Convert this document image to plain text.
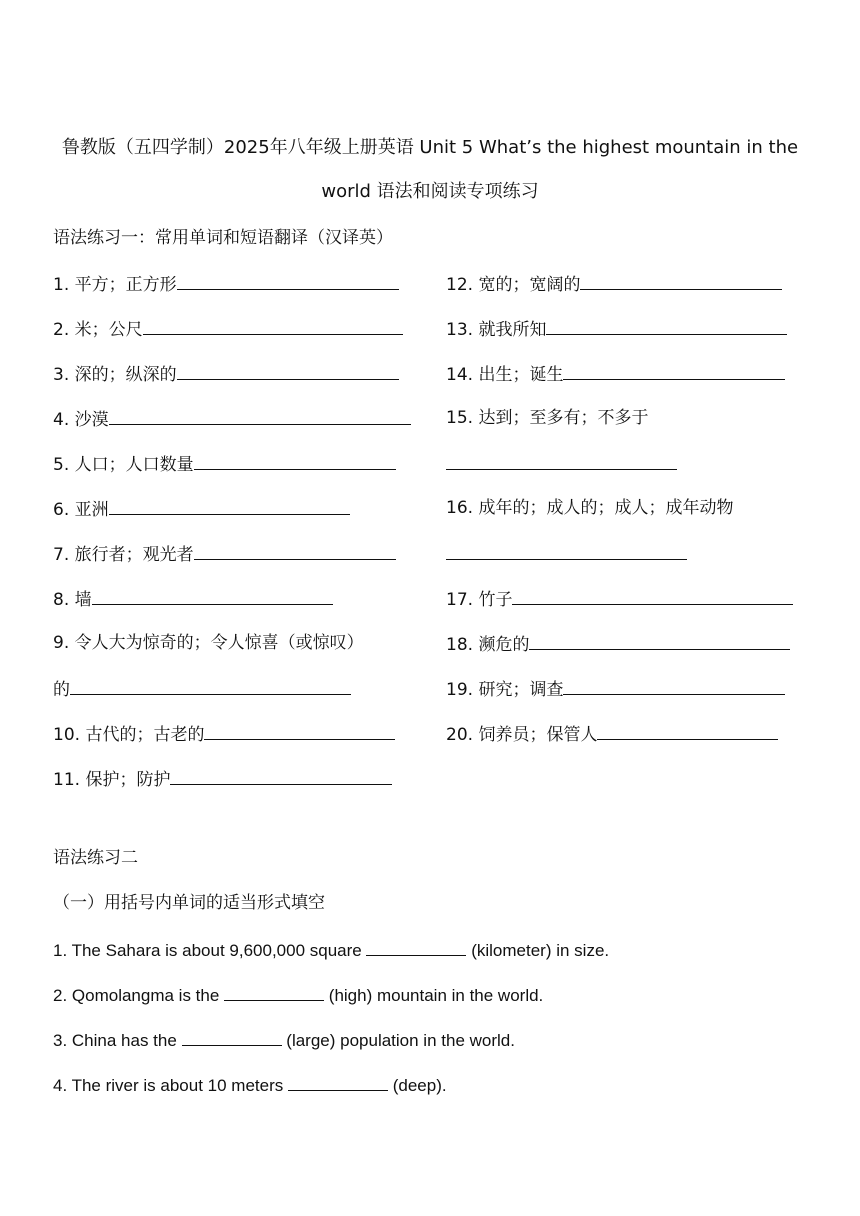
鲁教版（五四学制）2025年八年级上册英语 Unit 5 What’s the highest mountain in the
world 语法和阅读专项练习
语法练习一：常用单词和短语翻译（汉译英）
1. 平方；正方形
2. 米；公尺
3. 深的；纵深的
4. 沙漠
5. 人口；人口数量
6. 亚洲
7. 旅行者；观光者
8. 墙
9. 令人大为惊奇的；令人惊喜（或惊叹）
的
10. 古代的；古老的
11. 保护；防护
12. 宽的；宽阔的
13. 就我所知
14. 出生；诞生
15. 达到；至多有；不多于
16. 成年的；成人的；成人；成年动物
17. 竹子
18. 濒危的
19. 研究；调查
20. 饲养员；保管人
语法练习二
（一）用括号内单词的适当形式填空
1. The Sahara is about 9,600,000 square	(kilometer) in size.
2. Qomolangma is the	(high) mountain in the world.
3. China has the	(large) population in the world.
4. The river is about 10 meters	(deep).
